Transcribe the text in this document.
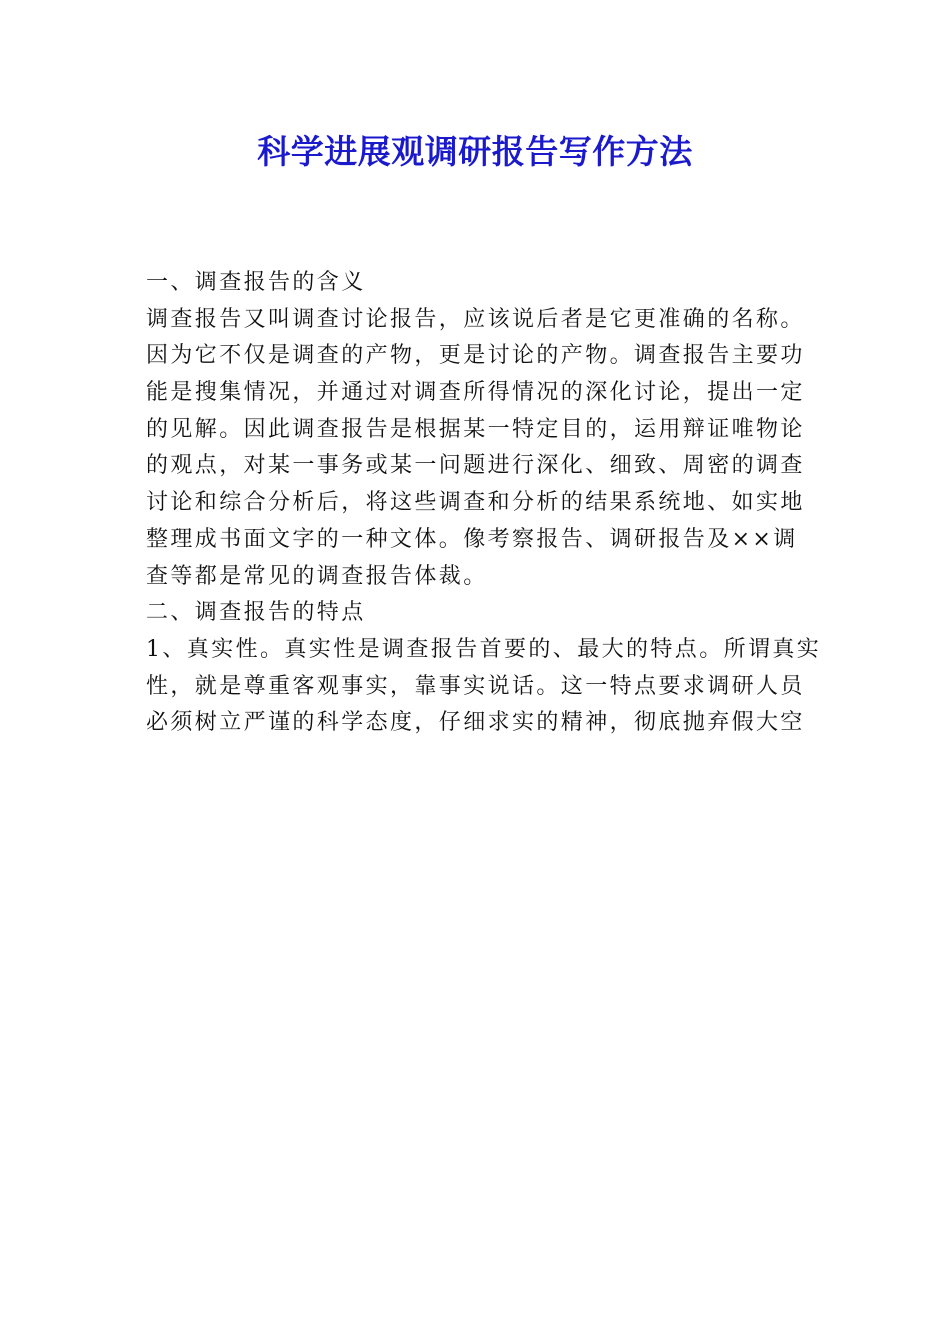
科学进展观调研报告写作方法
一、调查报告的含义
调查报告又叫调查讨论报告，应该说后者是它更准确的名称。
因为它不仅是调查的产物，更是讨论的产物。调查报告主要功
能是搜集情况，并通过对调查所得情况的深化讨论，提出一定
的见解。因此调查报告是根据某一特定目的，运用辩证唯物论
的观点，对某一事务或某一问题进行深化、细致、周密的调查
讨论和综合分析后，将这些调查和分析的结果系统地、如实地
整理成书面文字的一种文体。像考察报告、调研报告及××调
查等都是常见的调查报告体裁。
二、调查报告的特点
1、真实性。真实性是调查报告首要的、最大的特点。所谓真实
性，就是尊重客观事实，靠事实说话。这一特点要求调研人员
必须树立严谨的科学态度，仔细求实的精神，彻底抛弃假大空
